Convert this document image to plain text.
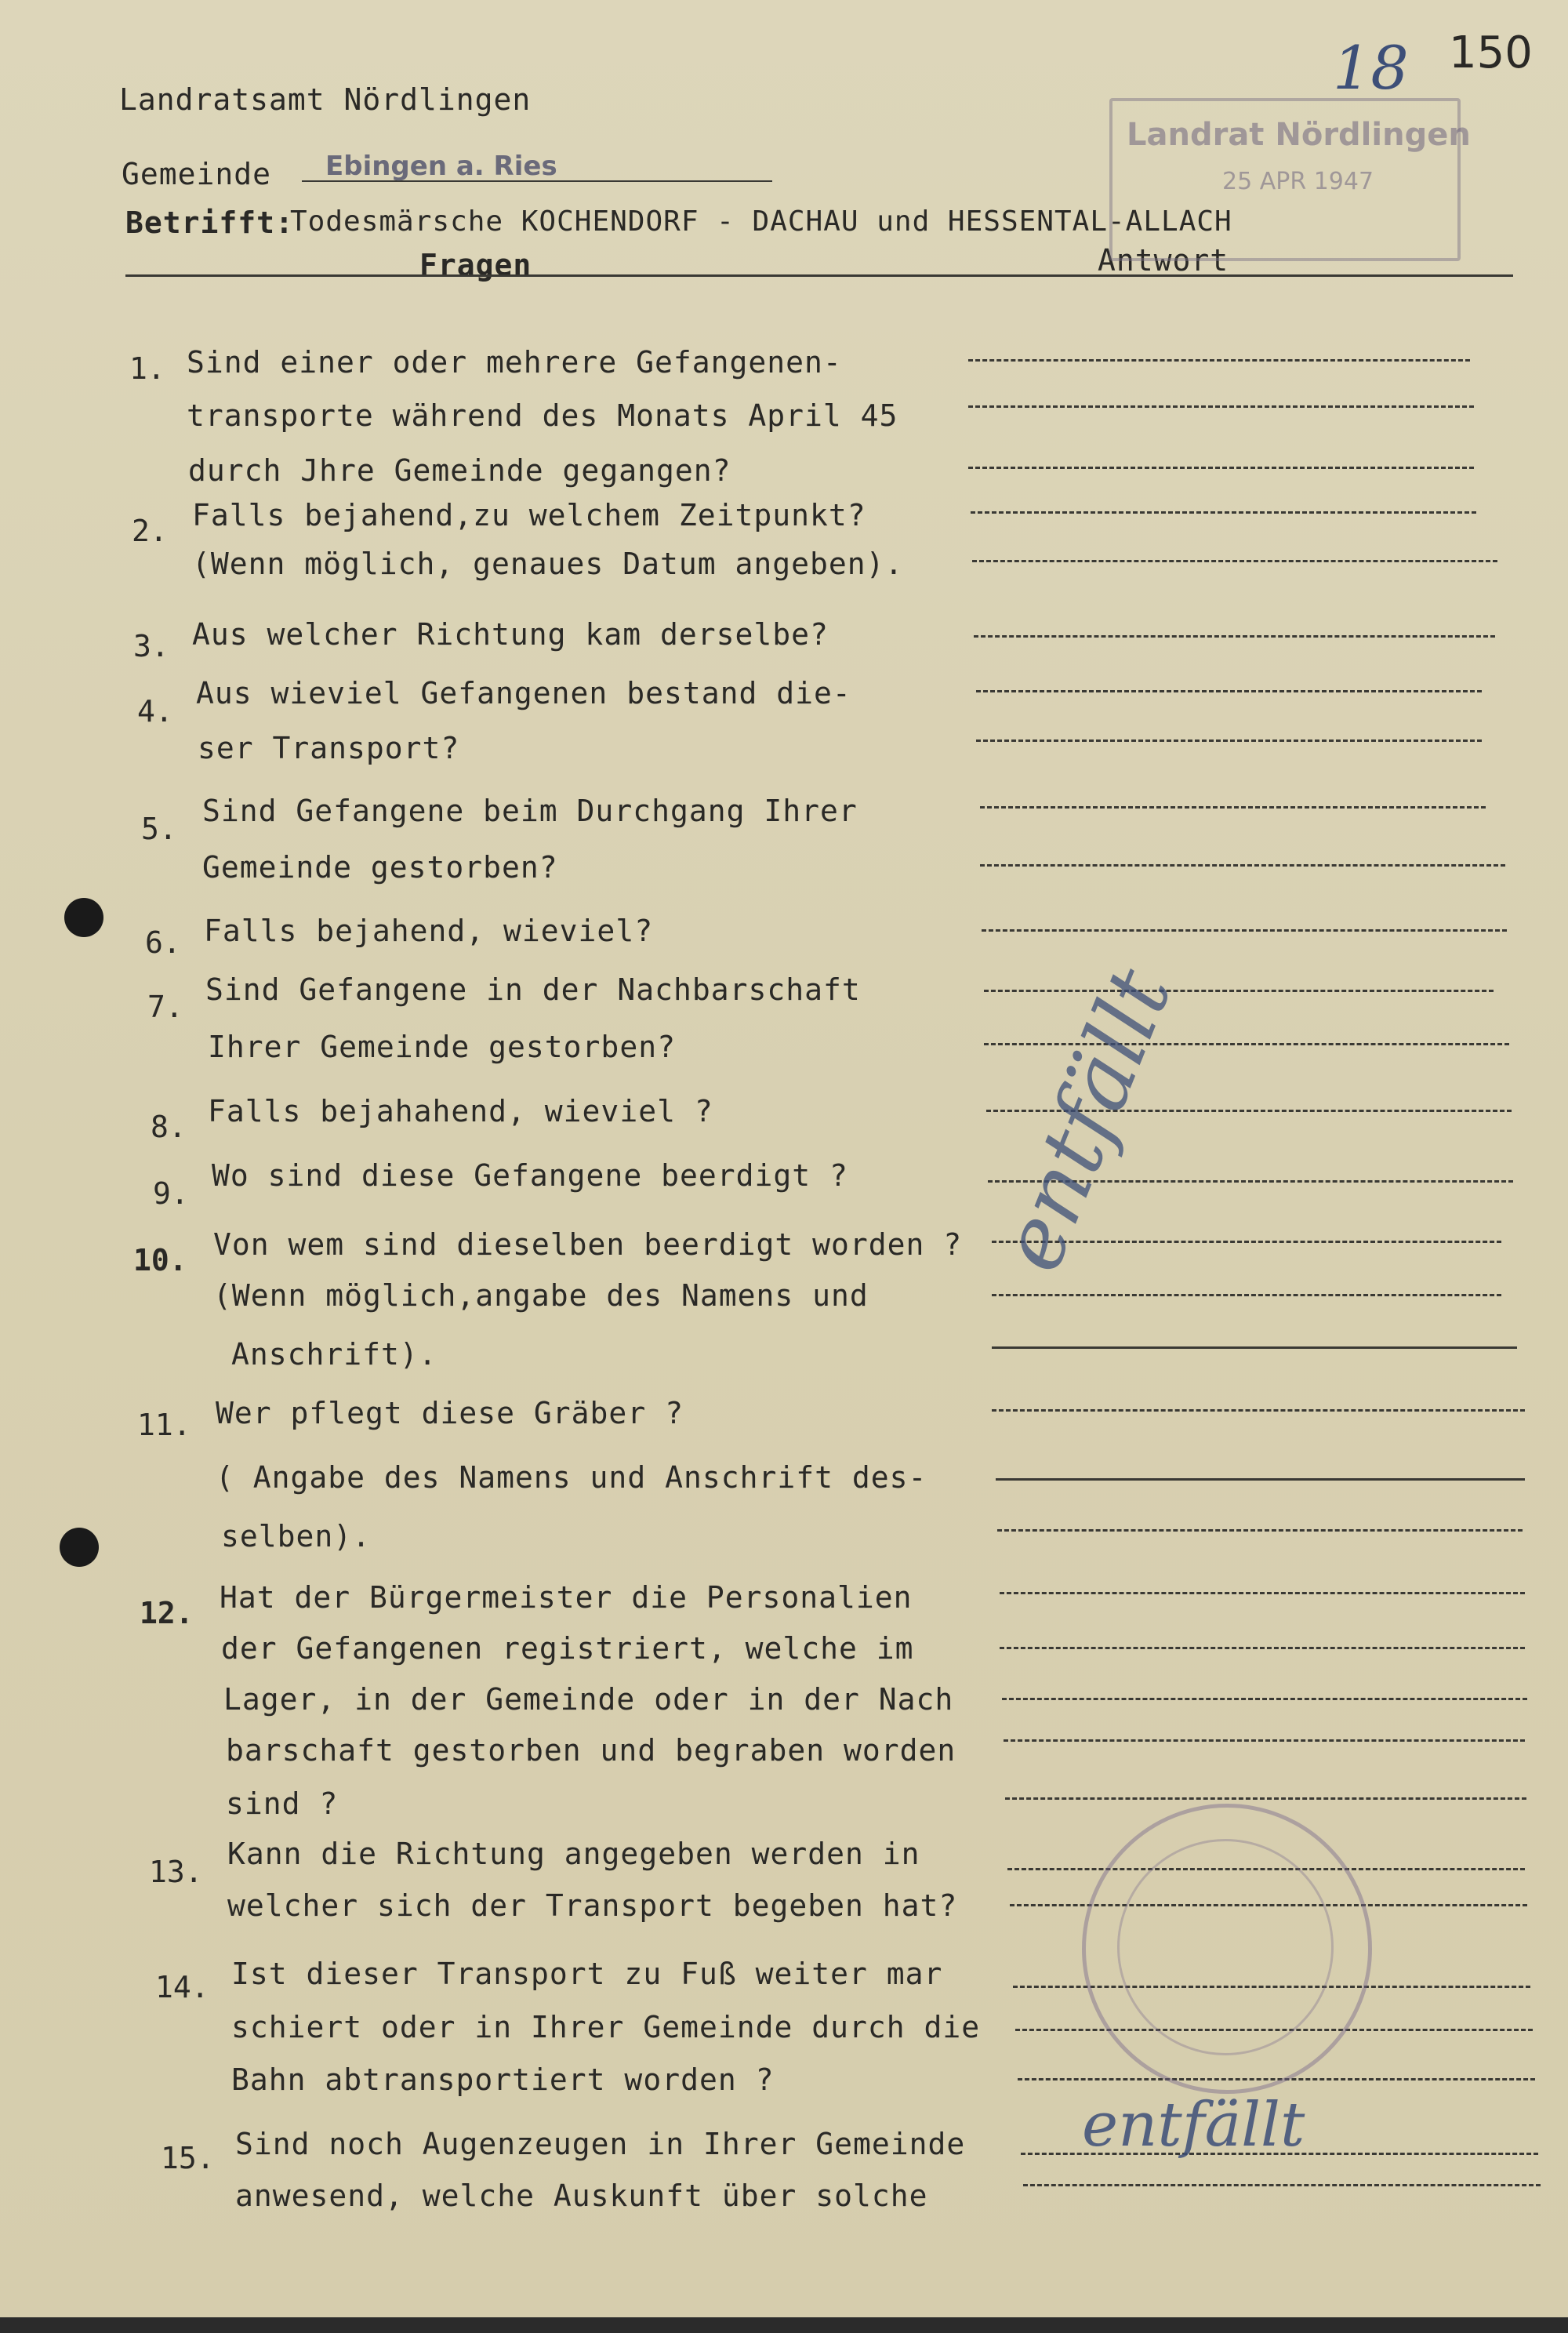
Landratsamt Nördlingen
Gemeinde Ebingen a. Ries
Betrifft:
Todesmärsche KOCHENDORF - DACHAU und HESSENTAL-ALLACH
Fragen	Antwort
150
18
Landrat Nördlingen
25 APR 1947
1. Sind einer oder mehrere Gefangenen-
transporte während des Monats April 45
durch Jhre Gemeinde gegangen?
2. Falls bejahend,zu welchem Zeitpunkt?
(Wenn möglich, genaues Datum angeben).
3. Aus welcher Richtung kam derselbe?
4.
Aus wieviel Gefangenen bestand die-
ser Transport?
5.
Sind Gefangene beim Durchgang Ihrer
Gemeinde gestorben?
6. Falls bejahend, wieviel?
7. Sind Gefangene in der Nachbarschaft
Ihrer Gemeinde gestorben?
8. Falls bejahahend, wieviel ?
9.
Wo sind diese Gefangene beerdigt ?
10. Von wem sind dieselben beerdigt worden ?
(Wenn möglich,angabe des Namens und
Anschrift).
11. Wer pflegt diese Gräber ?
( Angabe des Namens und Anschrift des-
selben).
12. Hat der Bürgermeister die Personalien
der Gefangenen registriert, welche im
Lager, in der Gemeinde oder in der Nach
barschaft gestorben und begraben worden
sind ?
13.
Kann die Richtung angegeben werden in
welcher sich der Transport begeben hat?
14. Ist dieser Transport zu Fuß weiter mar
schiert oder in Ihrer Gemeinde durch die
Bahn abtransportiert worden ?
15. Sind noch Augenzeugen in Ihrer Gemeinde
anwesend, welche Auskunft über solche
entfällt
entfällt
